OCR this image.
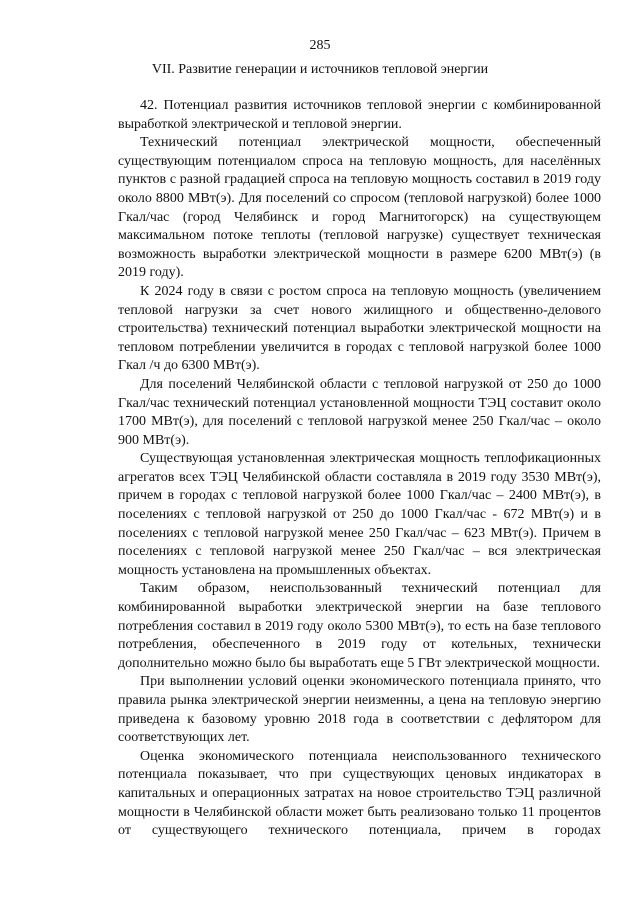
285
VII. Развитие генерации и источников тепловой энергии

42. Потенциал развития источников тепловой энергии с комбинированной выработкой электрической и тепловой энергии.

Технический потенциал электрической мощности, обеспеченный существующим потенциалом спроса на тепловую мощность, для населённых пунктов с разной градацией спроса на тепловую мощность составил в 2019 году около 8800 МВт(э). Для поселений со спросом (тепловой нагрузкой) более 1000 Гкал/час (город Челябинск и город Магнитогорск) на существующем максимальном потоке теплоты (тепловой нагрузке) существует техническая возможность выработки электрической мощности в размере 6200 МВт(э) (в 2019 году).

К 2024 году в связи с ростом спроса на тепловую мощность (увеличением тепловой нагрузки за счет нового жилищного и общественно-делового строительства) технический потенциал выработки электрической мощности на тепловом потреблении увеличится в городах с тепловой нагрузкой более 1000 Гкал /ч до 6300 МВт(э).

Для поселений Челябинской области с тепловой нагрузкой от 250 до 1000 Гкал/час технический потенциал установленной мощности ТЭЦ составит около 1700 МВт(э), для поселений с тепловой нагрузкой менее 250 Гкал/час – около 900 МВт(э).

Существующая установленная электрическая мощность теплофикационных агрегатов всех ТЭЦ Челябинской области составляла в 2019 году 3530 МВт(э), причем в городах с тепловой нагрузкой более 1000 Гкал/час – 2400 МВт(э), в поселениях с тепловой нагрузкой от 250 до 1000 Гкал/час - 672 МВт(э) и в поселениях с тепловой нагрузкой менее 250 Гкал/час – 623 МВт(э). Причем в поселениях с тепловой нагрузкой менее 250 Гкал/час – вся электрическая мощность установлена на промышленных объектах.

Таким образом, неиспользованный технический потенциал для комбинированной выработки электрической энергии на базе теплового потребления составил в 2019 году около 5300 МВт(э), то есть на базе теплового потребления, обеспеченного в 2019 году от котельных, технически дополнительно можно было бы выработать еще 5 ГВт электрической мощности.

При выполнении условий оценки экономического потенциала принято, что правила рынка электрической энергии неизменны, а цена на тепловую энергию приведена к базовому уровню 2018 года в соответствии с дефлятором для соответствующих лет.

Оценка экономического потенциала неиспользованного технического потенциала показывает, что при существующих ценовых индикаторах в капитальных и операционных затратах на новое строительство ТЭЦ различной мощности в Челябинской области может быть реализовано только 11 процентов от существующего технического потенциала, причем в городах
